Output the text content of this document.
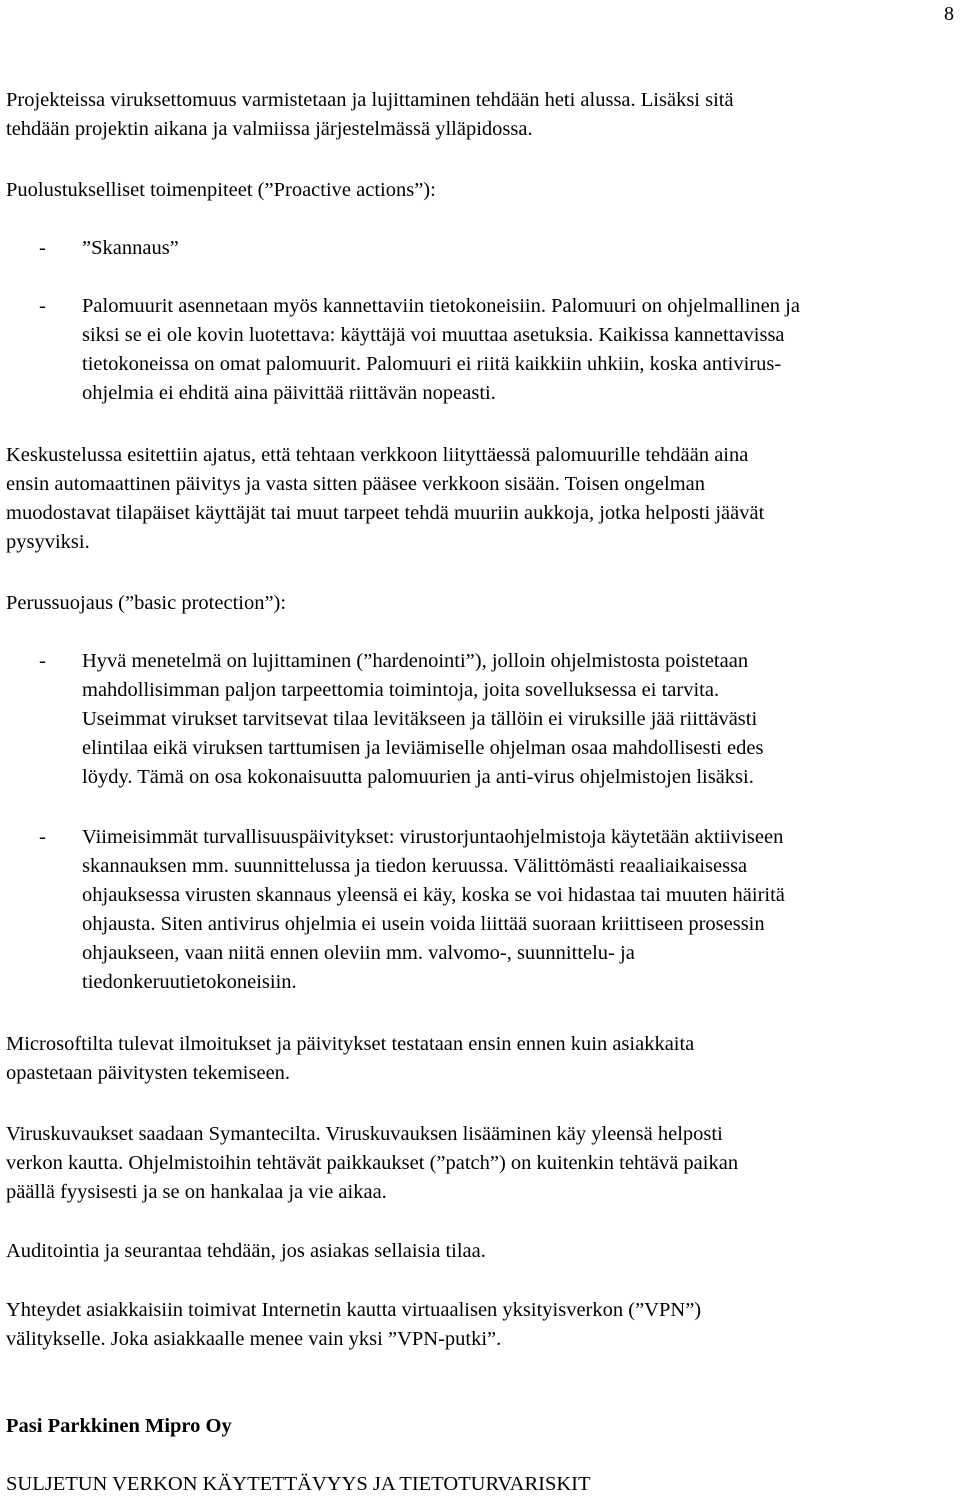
8
Projekteissa viruksettomuus varmistetaan ja lujittaminen tehdään heti alussa. Lisäksi sitä
tehdään projektin aikana ja valmiissa järjestelmässä ylläpidossa.
Puolustukselliset toimenpiteet (”Proactive actions”):
- ”Skannaus”
- Palomuurit asennetaan myös kannettaviin tietokoneisiin. Palomuuri on ohjelmallinen ja
siksi se ei ole kovin luotettava: käyttäjä voi muuttaa asetuksia. Kaikissa kannettavissa
tietokoneissa on omat palomuurit. Palomuuri ei riitä kaikkiin uhkiin, koska antivirus-
ohjelmia ei ehditä aina päivittää riittävän nopeasti.
Keskustelussa esitettiin ajatus, että tehtaan verkkoon liityttäessä palomuurille tehdään aina
ensin automaattinen päivitys ja vasta sitten pääsee verkkoon sisään. Toisen ongelman
muodostavat tilapäiset käyttäjät tai muut tarpeet tehdä muuriin aukkoja, jotka helposti jäävät
pysyviksi.
Perussuojaus (”basic protection”):
- Hyvä menetelmä on lujittaminen (”hardenointi”), jolloin ohjelmistosta poistetaan
mahdollisimman paljon tarpeettomia toimintoja, joita sovelluksessa ei tarvita.
Useimmat virukset tarvitsevat tilaa levitäkseen ja tällöin ei viruksille jää riittävästi
elintilaa eikä viruksen tarttumisen ja leviämiselle ohjelman osaa mahdollisesti edes
löydy. Tämä on osa kokonaisuutta palomuurien ja anti-virus ohjelmistojen lisäksi.
- Viimeisimmät turvallisuuspäivitykset: virustorjuntaohjelmistoja käytetään aktiiviseen
skannauksen mm. suunnittelussa ja tiedon keruussa. Välittömästi reaaliaikaisessa
ohjauksessa virusten skannaus yleensä ei käy, koska se voi hidastaa tai muuten häiritä
ohjausta. Siten antivirus ohjelmia ei usein voida liittää suoraan kriittiseen prosessin
ohjaukseen, vaan niitä ennen oleviin mm. valvomo-, suunnittelu- ja
tiedonkeruutietokoneisiin.
Microsoftilta tulevat ilmoitukset ja päivitykset testataan ensin ennen kuin asiakkaita
opastetaan päivitysten tekemiseen.
Viruskuvaukset saadaan Symantecilta. Viruskuvauksen lisääminen käy yleensä helposti
verkon kautta. Ohjelmistoihin tehtävät paikkaukset (”patch”) on kuitenkin tehtävä paikan
päällä fyysisesti ja se on hankalaa ja vie aikaa.
Auditointia ja seurantaa tehdään, jos asiakas sellaisia tilaa.
Yhteydet asiakkaisiin toimivat Internetin kautta virtuaalisen yksityisverkon (”VPN”)
välitykselle. Joka asiakkaalle menee vain yksi ”VPN-putki”.
Pasi Parkkinen Mipro Oy
SULJETUN VERKON KÄYTETTÄVYYS JA TIETOTURVARISKIT
